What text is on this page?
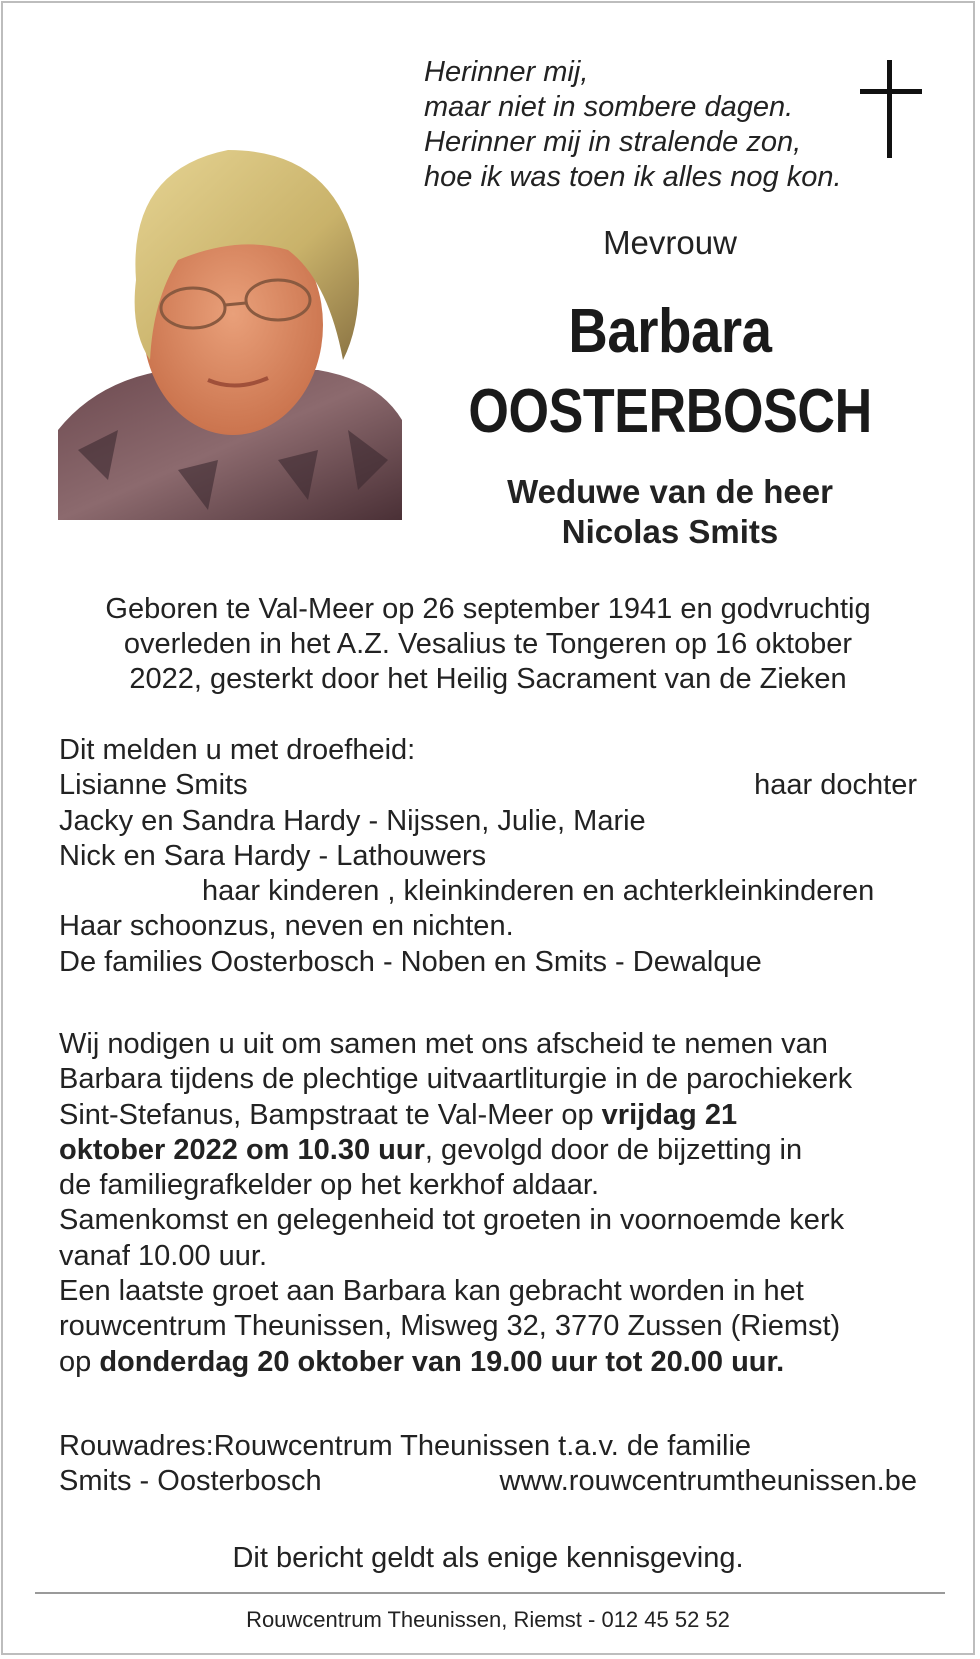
Herinner mij,
maar niet in sombere dagen.
Herinner mij in stralende zon,
hoe ik was toen ik alles nog kon.
Mevrouw
Barbara
OOSTERBOSCH
Weduwe van de heer
Nicolas Smits
Geboren te Val-Meer op 26 september 1941 en godvruchtig
overleden in het A.Z. Vesalius te Tongeren op 16 oktober
2022, gesterkt door het Heilig Sacrament van de Zieken
Dit melden u met droefheid:
Lisianne Smits	haar dochter
Jacky en Sandra Hardy - Nijssen, Julie, Marie
Nick en Sara Hardy - Lathouwers
haar kinderen , kleinkinderen en achterkleinkinderen
Haar schoonzus, neven en nichten.
De families Oosterbosch - Noben en Smits - Dewalque
Wij nodigen u uit om samen met ons afscheid te nemen van
Barbara tijdens de plechtige uitvaartliturgie in de parochiekerk
Sint-Stefanus, Bampstraat te Val-Meer op vrijdag 21
oktober 2022 om 10.30 uur, gevolgd door de bijzetting in
de familiegrafkelder op het kerkhof aldaar.
Samenkomst en gelegenheid tot groeten in voornoemde kerk
vanaf 10.00 uur.
Een laatste groet aan Barbara kan gebracht worden in het
rouwcentrum Theunissen, Misweg 32, 3770 Zussen (Riemst)
op donderdag 20 oktober van 19.00 uur tot 20.00 uur.
Rouwadres:Rouwcentrum Theunissen t.a.v. de familie
Smits - Oosterbosch	www.rouwcentrumtheunissen.be
Dit bericht geldt als enige kennisgeving.
Rouwcentrum Theunissen, Riemst - 012 45 52 52
